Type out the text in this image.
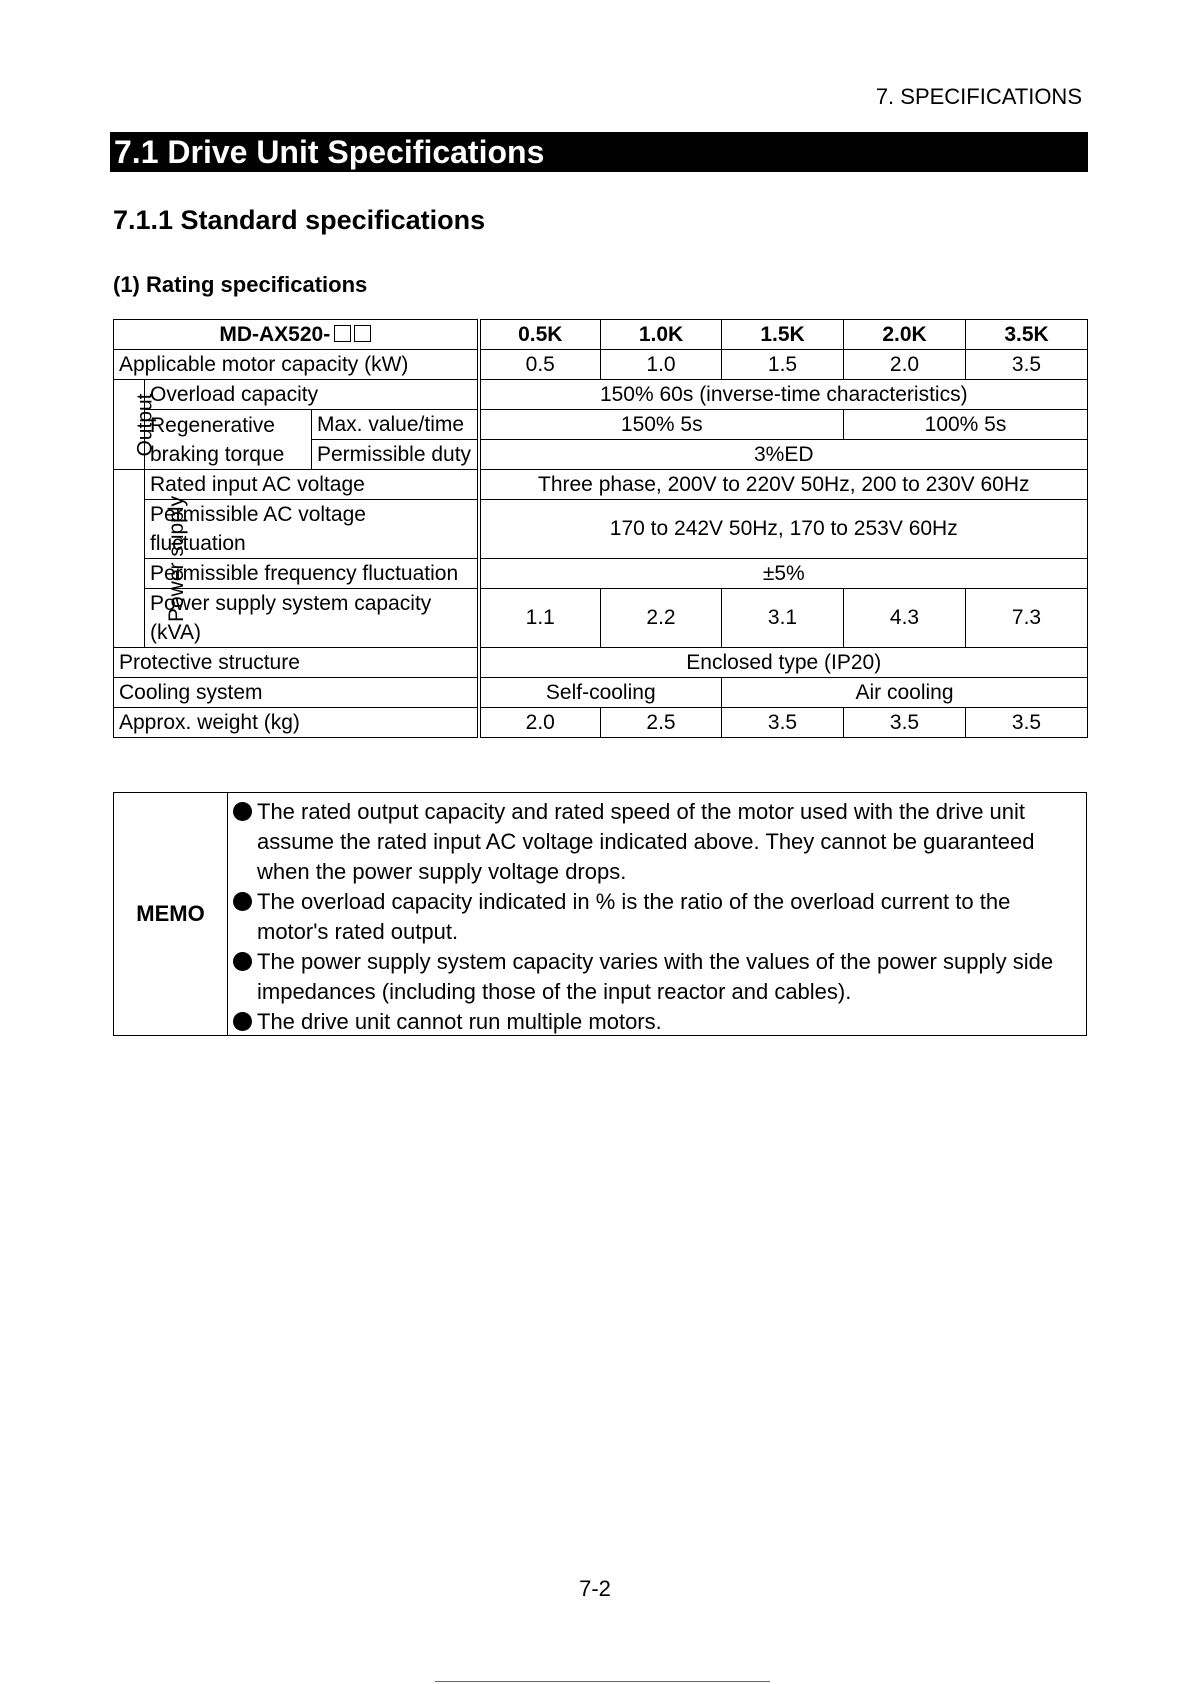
7. SPECIFICATIONS
7.1 Drive Unit Specifications
7.1.1 Standard specifications
(1) Rating specifications
MD-AX520-			0.5K	1.0K	1.5K	2.0K	3.5K
Applicable motor capacity (kW)			0.5	1.0	1.5	2.0	3.5
Output	Overload capacity		150% 60s (inverse-time characteristics)				
	Regenerative
braking torque	Max. value/time	150% 5s			100% 5s	
		Permissible duty	3%ED				
Power supply	Rated input AC voltage		Three phase, 200V to 220V 50Hz, 200 to 230V 60Hz				
	Permissible AC voltage
fluctuation		170 to 242V 50Hz, 170 to 253V 60Hz				
	Permissible frequency fluctuation		±5%				
	Power supply system capacity
(kVA)		1.1	2.2	3.1	4.3	7.3
Protective structure			Enclosed type (IP20)				
Cooling system			Self-cooling		Air cooling		
Approx. weight (kg)			2.0	2.5	3.5	3.5	3.5
MEMO
The rated output capacity and rated speed of the motor used with the drive unit assume the rated input AC voltage indicated above. They cannot be guaranteed when the power supply voltage drops.
The overload capacity indicated in % is the ratio of the overload current to the motor's rated output.
The power supply system capacity varies with the values of the power supply side impedances (including those of the input reactor and cables).
The drive unit cannot run multiple motors.
7-2
